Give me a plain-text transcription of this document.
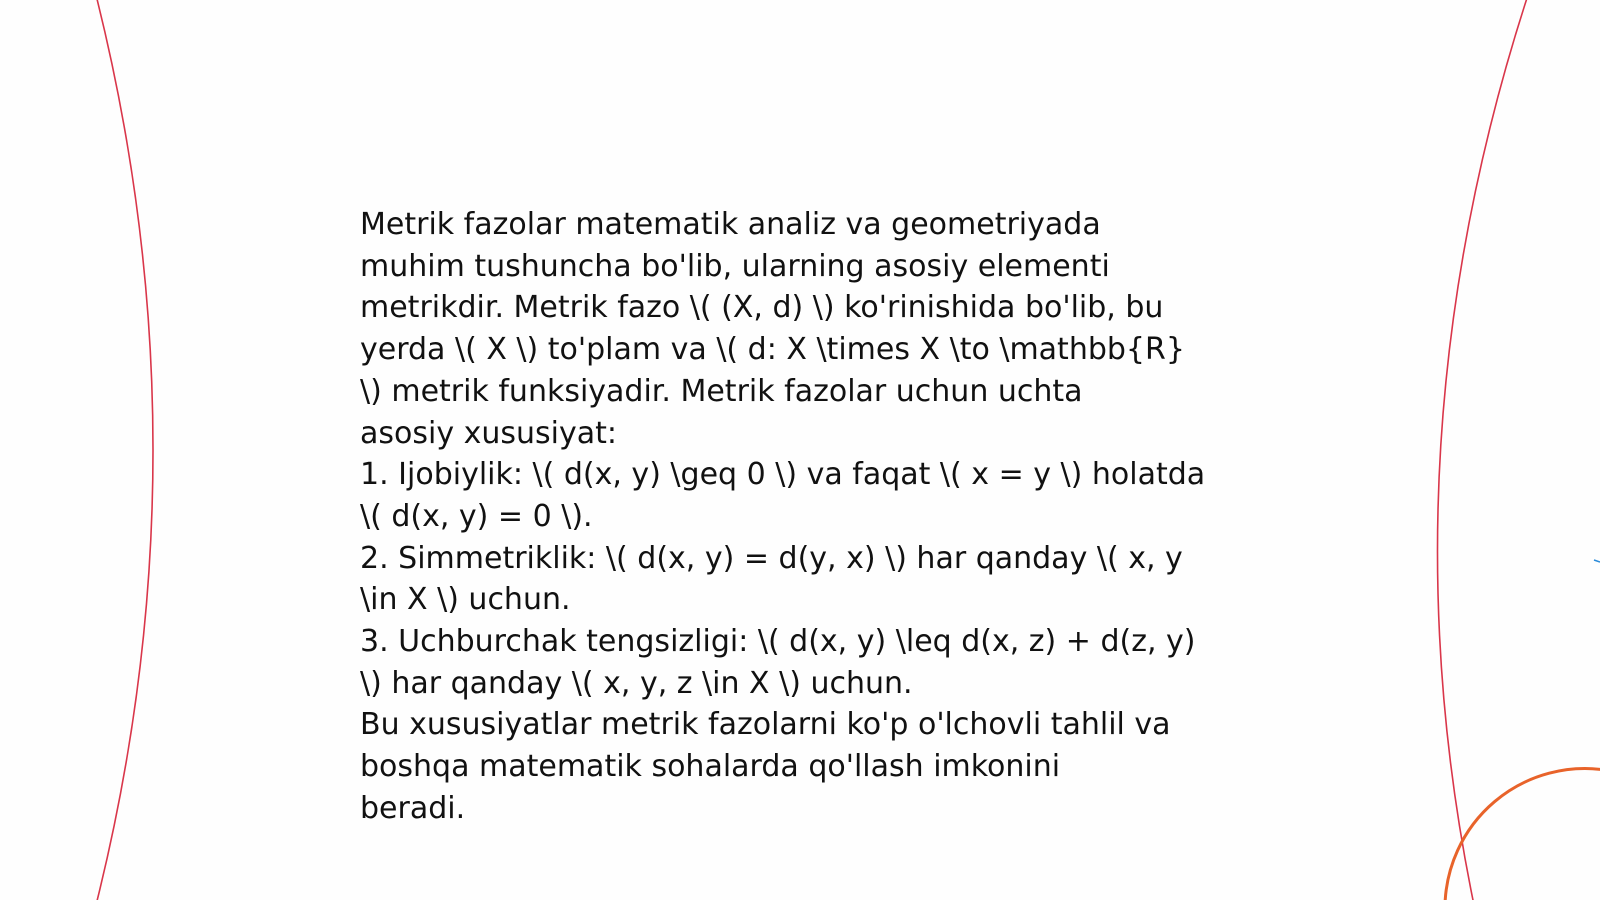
Metrik fazolar matematik analiz va geometriyada
muhim tushuncha bo'lib, ularning asosiy elementi
metrikdir. Metrik fazo \( (X, d) \) ko'rinishida bo'lib, bu
yerda \( X \) to'plam va \( d: X \times X \to \mathbb{R}
\) metrik funksiyadir. Metrik fazolar uchun uchta
asosiy xususiyat:
1. Ijobiylik: \( d(x, y) \geq 0 \) va faqat \( x = y \) holatda
\( d(x, y) = 0 \).
2. Simmetriklik: \( d(x, y) = d(y, x) \) har qanday \( x, y
\in X \) uchun.
3. Uchburchak tengsizligi: \( d(x, y) \leq d(x, z) + d(z, y)
\) har qanday \( x, y, z \in X \) uchun.
Bu xususiyatlar metrik fazolarni ko'p o'lchovli tahlil va
boshqa matematik sohalarda qo'llash imkonini
beradi.
